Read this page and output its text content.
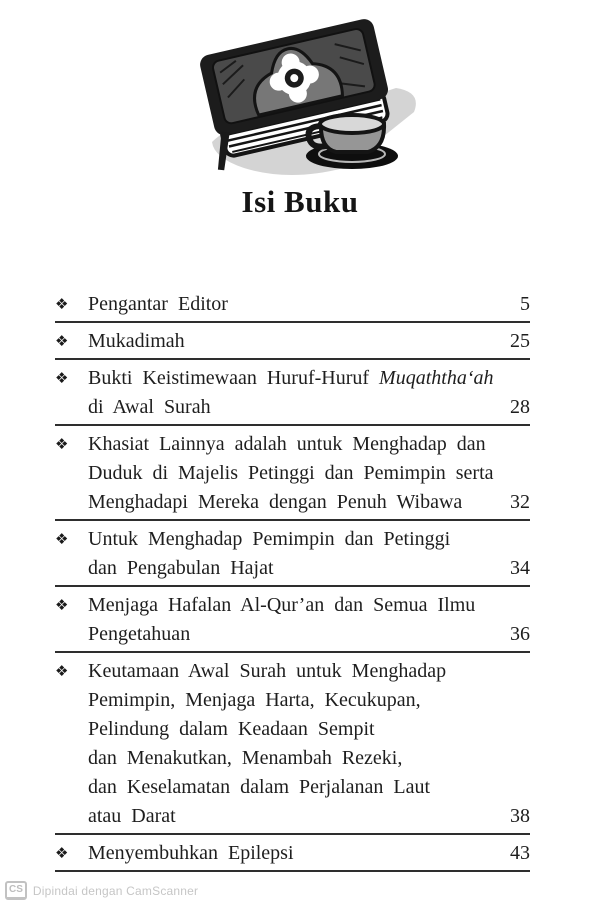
Isi Buku
❖ Pengantar Editor	5
❖ Mukadimah	25
❖ Bukti Keistimewaan Huruf-Huruf Muqaththaʻah
di Awal Surah	28
❖ Khasiat Lainnya adalah untuk Menghadap dan
Duduk di Majelis Petinggi dan Pemimpin serta
Menghadapi Mereka dengan Penuh Wibawa 32
❖ Untuk Menghadap Pemimpin dan Petinggi
dan Pengabulan Hajat	34
❖ Menjaga Hafalan Al-Qur’an dan Semua Ilmu
Pengetahuan	36
❖ Keutamaan Awal Surah untuk Menghadap
Pemimpin, Menjaga Harta, Kecukupan,
Pelindung dalam Keadaan Sempit
dan Menakutkan, Menambah Rezeki,
dan Keselamatan dalam Perjalanan Laut
atau Darat	38
❖ Menyembuhkan Epilepsi	43
CS Dipindai dengan CamScanner
